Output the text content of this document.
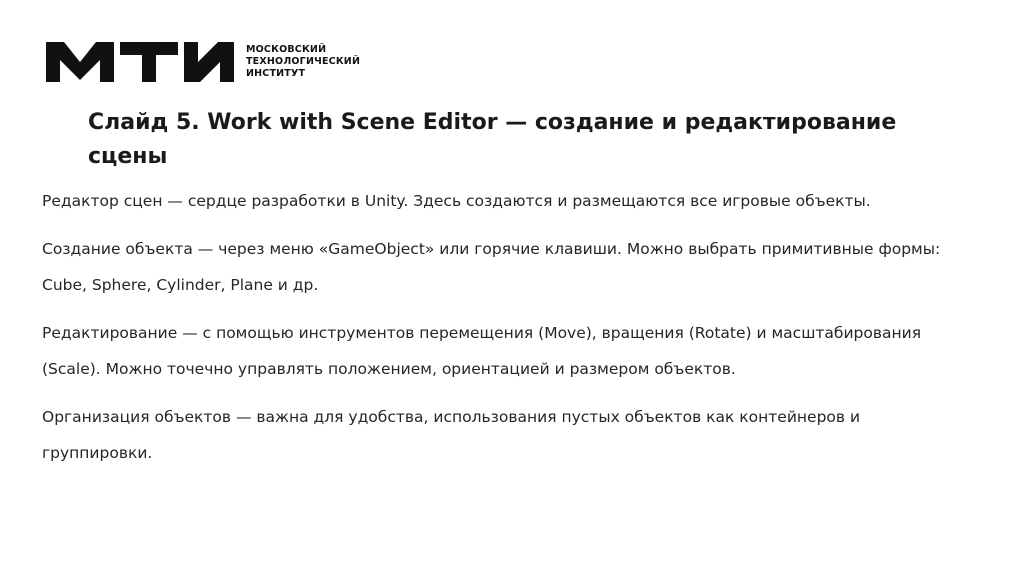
МОСКОВСКИЙ
ТЕХНОЛОГИЧЕСКИЙ
ИНСТИТУТ
Слайд 5. Work with Scene Editor — создание и редактирование сцены

Редактор сцен — сердце разработки в Unity. Здесь создаются и размещаются все игровые объекты.

Создание объекта — через меню «GameObject» или горячие клавиши. Можно выбрать примитивные формы: Cube, Sphere, Cylinder, Plane и др.

Редактирование — с помощью инструментов перемещения (Move), вращения (Rotate) и масштабирования (Scale). Можно точечно управлять положением, ориентацией и размером объектов.

Организация объектов — важна для удобства, использования пустых объектов как контейнеров и группировки.
